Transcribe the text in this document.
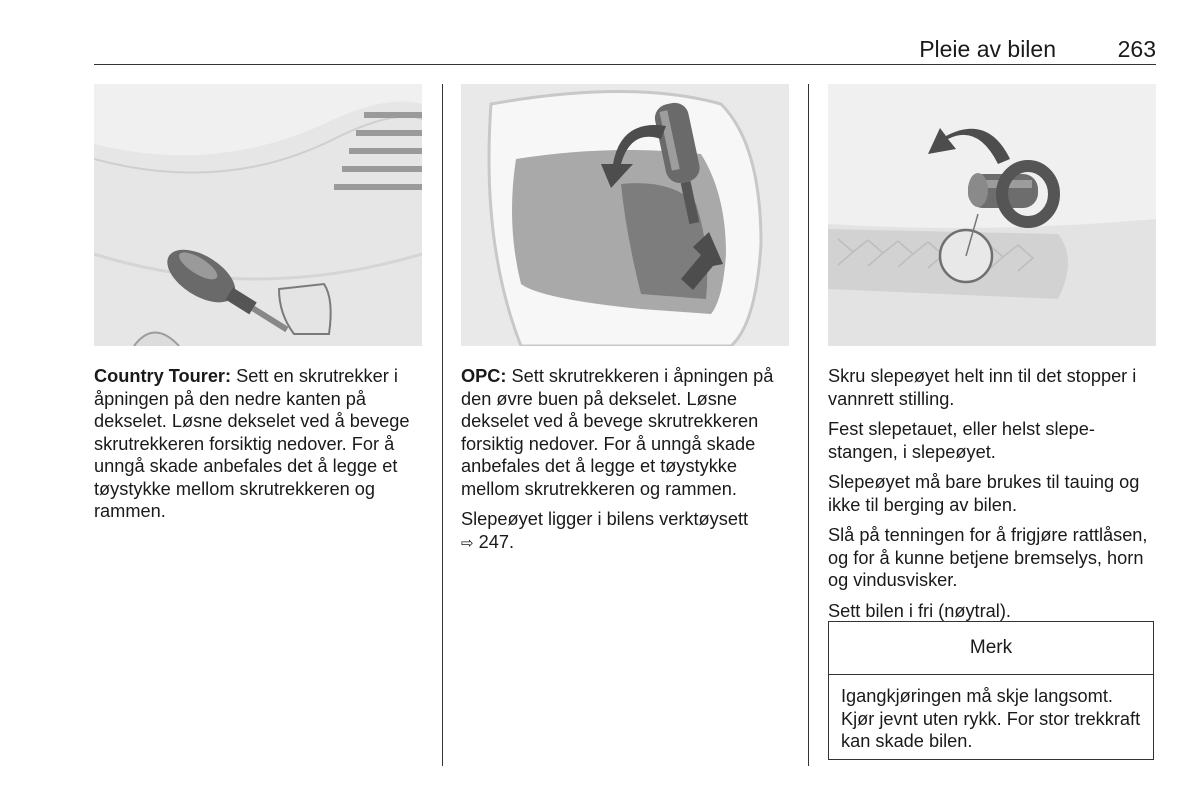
Pleie av bilen	263

Country Tourer: Sett en skrutrekker i åpningen på den nedre kanten på dekselet. Løsne dekselet ved å bevege skrutrekkeren forsiktig nedover. For å unngå skade anbefales det å legge et tøystykke mellom skrutrekkeren og rammen.

OPC: Sett skrutrekkeren i åpningen på den øvre buen på dekselet. Løsne dekselet ved å bevege skrutrekkeren forsiktig nedover. For å unngå skade anbefales det å legge et tøystykke mellom skrutrekkeren og rammen.

Slepeøyet ligger i bilens verktøysett
⇨ 247.

Skru slepeøyet helt inn til det stopper i vannrett stilling.

Fest slepetauet, eller helst slepestangen, i slepeøyet.

Slepeøyet må bare brukes til tauing og ikke til berging av bilen.

Slå på tenningen for å frigjøre rattlåsen, og for å kunne betjene bremselys, horn og vindusvisker.

Sett bilen i fri (nøytral).

Merk
Igangkjøringen må skje langsomt. Kjør jevnt uten rykk. For stor trekkraft kan skade bilen.
